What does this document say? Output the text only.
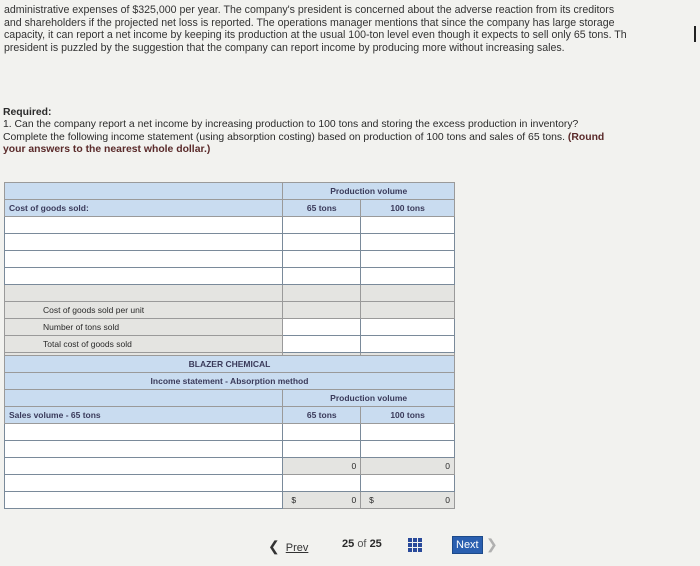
administrative expenses of $325,000 per year. The company's president is concerned about the adverse reaction from its creditors

and shareholders if the projected net loss is reported. The operations manager mentions that since the company has large storage

capacity, it can report a net income by keeping its production at the usual 100-ton level even though it expects to sell only 65 tons. Th

president is puzzled by the suggestion that the company can report income by producing more without increasing sales.

Required:

1. Can the company report a net income by increasing production to 100 tons and storing the excess production in inventory?

Complete the following income statement (using absorption costing) based on production of 100 tons and sales of 65 tons. (Round

your answers to the nearest whole dollar.)

	Production volume	
Cost of goods sold:	65 tons	100 tons

Cost of goods sold per unit		
Number of tons sold		
Total cost of goods sold		

BLAZER CHEMICAL		
Income statement - Absorption method		
	Production volume	
Sales volume - 65 tons	65 tons	100 tons

	0	0

	$ 0	$ 0
❮ Prev	25 of 25	Next ❯
